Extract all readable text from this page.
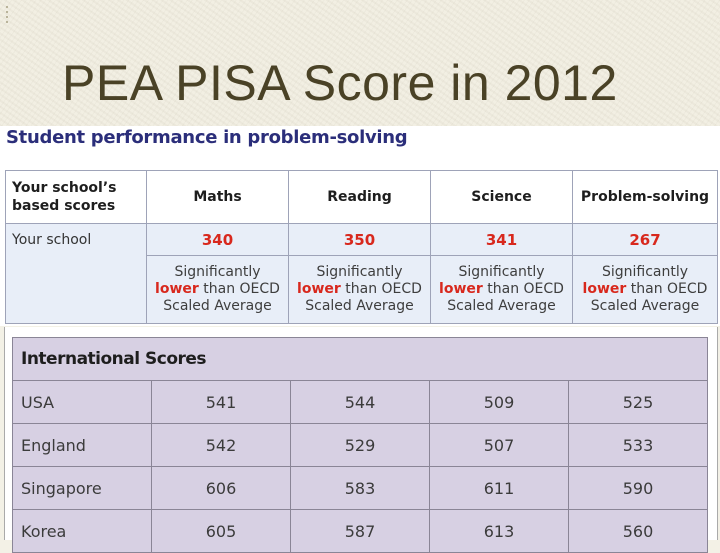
PEA PISA Score in 2012
Student performance in problem-solving
Your school’s based scores	Maths	Reading	Science	Problem-solving
Your school	340	350	341	267
	Significantly
lower than OECD
Scaled Average	Significantly
lower than OECD
Scaled Average	Significantly
lower than OECD
Scaled Average	Significantly
lower than OECD
Scaled Average
International Scores				
USA	541	544	509	525
England	542	529	507	533
Singapore	606	583	611	590
Korea	605	587	613	560
